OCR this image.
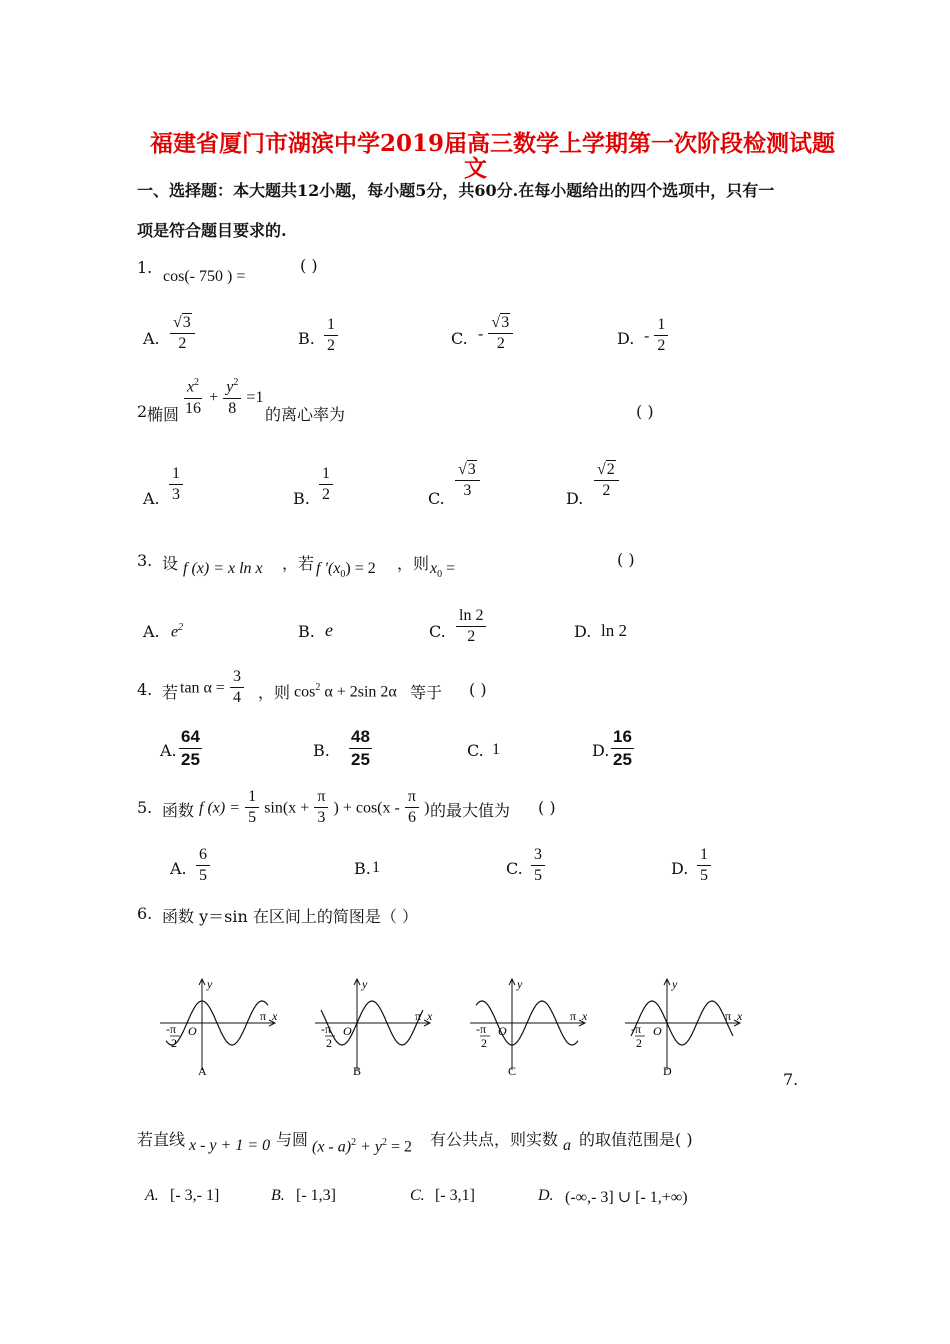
福建省厦门市湖滨中学2019届高三数学上学期第一次阶段检测试题
文
一、选择题：本大题共12小题，每小题5分，共60分.在每小题给出的四个选项中，只有一
项是符合题目要求的.
1. cos(- 750 ) =
( )
A. $\frac{√3}{2}$	B. $\frac{1}{2}$	C. - $\frac{√3}{2}$	D. - $\frac{1}{2}$
2 椭圆 $\frac{x^2}{16} + \frac{y^2}{8} =1$
的离心率为	( )
A. $\frac{1}{3}$	B. $\frac{1}{2}$	C. $\frac{√3}{3}$	D. $\frac{√2}{2}$
3. 设 f (x) = x ln x ，若 f $'(x_0) = 2$ ，则 $x_0$ =	( )
A. $e^2$	B. e	C. $\frac{\ln 2}{2}$	D. ln 2
4. 若 $\tan \alpha = \frac{3}{4}$ ，则 $\cos^2 \alpha + 2\sin$ 2α 等于 ( )
A. $\frac{64}{25}$	B. $\frac{48}{25}$	C. 1	D. $\frac{16}{25}$
5. 函数 f $(x) = \frac{1}{5} \sin(x + \frac{\pi}{3}$ ) + $\cos(x - \frac{\pi}{6}$ ) 的最大值为 ( )
A. $\frac{6}{5}$	B. 1	C. $\frac{3}{5}$	D. $\frac{1}{5}$
6. 函数 y＝sin 在区间上的简图是（ ）
y
x
O
π
-π
2
A
y
x
O
π
-π
2
B
y
x
O
π
-π
2
C
y
x
O
π
-π
2
D	7.
若直线 x - y + 1 = 0 与圆 $(x - a)^2 + y^2 = 2$ 有公共点，则实数 a 的取值范围是( )
A. [- 3,- 1]	B. [- 1,3]	C. [- 3,1]	D. (-∞,- 3] ∪ [- 1,+∞)
